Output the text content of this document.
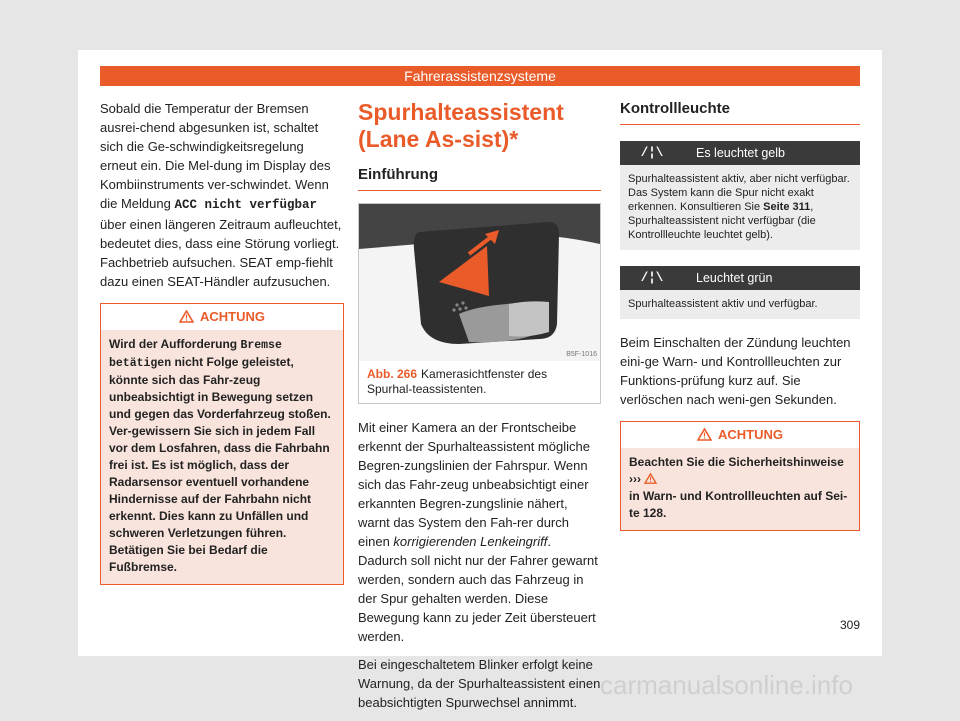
Fahrerassistenzsysteme

Sobald die Temperatur der Bremsen ausrei-chend abgesunken ist, schaltet sich die Ge-schwindigkeitsregelung erneut ein. Die Mel-dung im Display des Kombiinstruments ver-schwindet. Wenn die Meldung ACC nicht verfügbar über einen längeren Zeitraum aufleuchtet, bedeutet dies, dass eine Störung vorliegt. Fachbetrieb aufsuchen. SEAT emp-fiehlt dazu einen SEAT-Händler aufzusuchen.

ACHTUNG
Wird der Aufforderung Bremse betätigen nicht Folge geleistet, könnte sich das Fahr-zeug unbeabsichtigt in Bewegung setzen und gegen das Vorderfahrzeug stoßen. Ver-gewissern Sie sich in jedem Fall vor dem Losfahren, dass die Fahrbahn frei ist. Es ist möglich, dass der Radarsensor eventuell vorhandene Hindernisse auf der Fahrbahn nicht erkennt. Dies kann zu Unfällen und schweren Verletzungen führen. Betätigen Sie bei Bedarf die Fußbremse.
Spurhalteassistent (Lane As-sist)*
Einführung
B5F-1016
Abb. 266 Kamerasichtfenster des Spurhal-teassistenten.

Mit einer Kamera an der Frontscheibe erkennt der Spurhalteassistent mögliche Begren-zungslinien der Fahrspur. Wenn sich das Fahr-zeug unbeabsichtigt einer erkannten Begren-zungslinie nähert, warnt das System den Fah-rer durch einen korrigierenden Lenkeingriff. Dadurch soll nicht nur der Fahrer gewarnt werden, sondern auch das Fahrzeug in der Spur gehalten werden. Diese Bewegung kann zu jeder Zeit übersteuert werden.

Bei eingeschaltetem Blinker erfolgt keine Warnung, da der Spurhalteassistent einen beabsichtigten Spurwechsel annimmt.

Kontrollleuchte
/¦\	Es leuchtet gelb
Spurhalteassistent aktiv, aber nicht verfügbar. Das System kann die Spur nicht exakt erkennen. Konsultieren Sie Seite 311, Spurhalteassistent nicht verfügbar (die Kontrollleuchte leuchtet gelb).
/¦\	Leuchtet grün
Spurhalteassistent aktiv und verfügbar.

Beim Einschalten der Zündung leuchten eini-ge Warn- und Kontrollleuchten zur Funktions-prüfung kurz auf. Sie verlöschen nach weni-gen Sekunden.

ACHTUNG
Beachten Sie die Sicherheitshinweise ›››
in Warn- und Kontrollleuchten auf Sei-te 128.
309
carmanualsonline.info
